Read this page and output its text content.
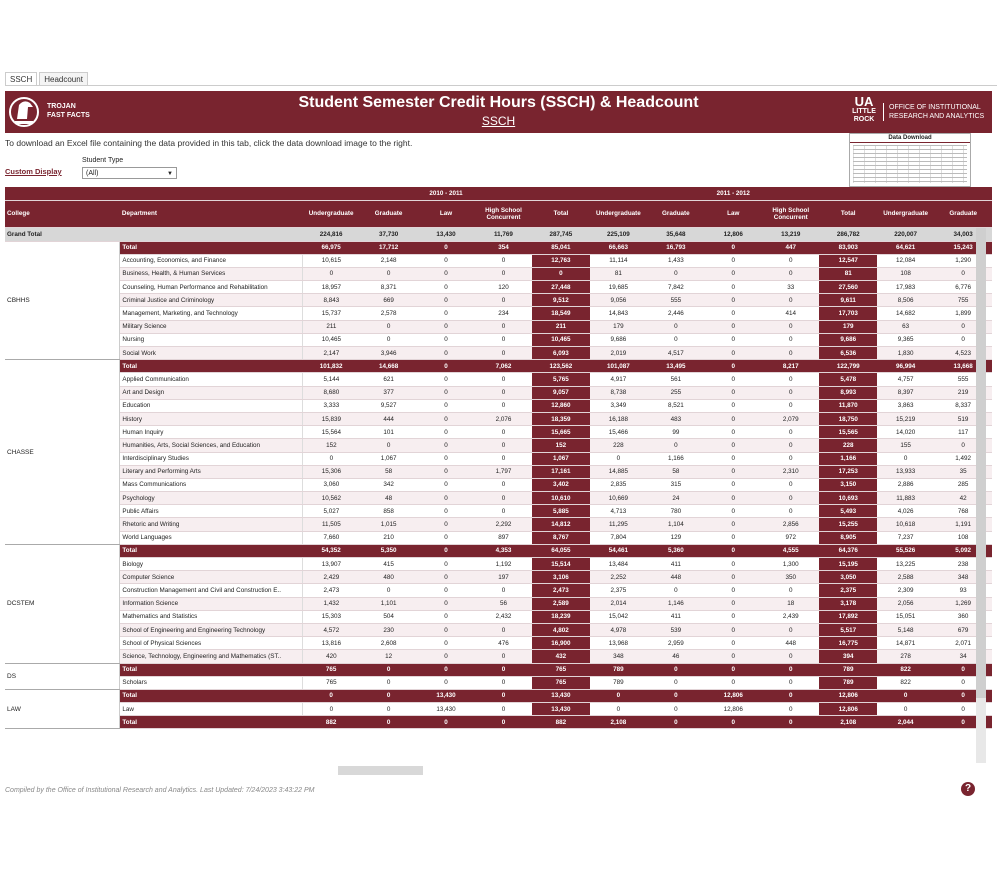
SSCH	Headcount
TROJAN
FAST FACTS
Student Semester Credit Hours (SSCH) & Headcount
SSCH
UA
LITTLE
ROCK
OFFICE OF INSTITUTIONAL
RESEARCH AND ANALYTICS
To download an Excel file containing the data provided in this tab, click the data download image to the right.
Custom Display
Student Type
(All)	▼
Data Download
		2010 - 2011					2011 - 2012						
College	Department	Undergraduate	Graduate	Law	High School Concurrent	Total	Undergraduate	Graduate	Law	High School Concurrent	Total	Undergraduate	Graduate
Grand Total		224,816	37,730	13,430	11,769	287,745	225,109	35,648	12,806	13,219	286,782	220,007	34,003
CBHHS	Total	66,975	17,712	0	354	85,041	66,663	16,793	0	447	83,903	64,621	15,243
	Accounting, Economics, and Finance	10,615	2,148	0	0	12,763	11,114	1,433	0	0	12,547	12,084	1,290
	Business, Health, & Human Services	0	0	0	0	0	81	0	0	0	81	108	0
	Counseling, Human Performance and Rehabilitation	18,957	8,371	0	120	27,448	19,685	7,842	0	33	27,560	17,983	6,776
	Criminal Justice and Criminology	8,843	669	0	0	9,512	9,056	555	0	0	9,611	8,506	755
	Management, Marketing, and Technology	15,737	2,578	0	234	18,549	14,843	2,446	0	414	17,703	14,682	1,899
	Military Science	211	0	0	0	211	179	0	0	0	179	63	0
	Nursing	10,465	0	0	0	10,465	9,686	0	0	0	9,686	9,365	0
	Social Work	2,147	3,946	0	0	6,093	2,019	4,517	0	0	6,536	1,830	4,523
CHASSE	Total	101,832	14,668	0	7,062	123,562	101,087	13,495	0	8,217	122,799	96,994	13,668
	Applied Communication	5,144	621	0	0	5,765	4,917	561	0	0	5,478	4,757	555
	Art and Design	8,680	377	0	0	9,057	8,738	255	0	0	8,993	8,397	219
	Education	3,333	9,527	0	0	12,860	3,349	8,521	0	0	11,870	3,863	8,337
	History	15,839	444	0	2,076	18,359	16,188	483	0	2,079	18,750	15,219	519
	Human Inquiry	15,564	101	0	0	15,665	15,466	99	0	0	15,565	14,020	117
	Humanities, Arts, Social Sciences, and Education	152	0	0	0	152	228	0	0	0	228	155	0
	Interdisciplinary Studies	0	1,067	0	0	1,067	0	1,166	0	0	1,166	0	1,492
	Literary and Performing Arts	15,306	58	0	1,797	17,161	14,885	58	0	2,310	17,253	13,933	35
	Mass Communications	3,060	342	0	0	3,402	2,835	315	0	0	3,150	2,886	285
	Psychology	10,562	48	0	0	10,610	10,669	24	0	0	10,693	11,883	42
	Public Affairs	5,027	858	0	0	5,885	4,713	780	0	0	5,493	4,026	768
	Rhetoric and Writing	11,505	1,015	0	2,292	14,812	11,295	1,104	0	2,856	15,255	10,618	1,191
	World Languages	7,660	210	0	897	8,767	7,804	129	0	972	8,905	7,237	108
DCSTEM	Total	54,352	5,350	0	4,353	64,055	54,461	5,360	0	4,555	64,376	55,526	5,092
	Biology	13,907	415	0	1,192	15,514	13,484	411	0	1,300	15,195	13,225	238
	Computer Science	2,429	480	0	197	3,106	2,252	448	0	350	3,050	2,588	348
	Construction Management and Civil and Construction E..	2,473	0	0	0	2,473	2,375	0	0	0	2,375	2,309	93
	Information Science	1,432	1,101	0	56	2,589	2,014	1,146	0	18	3,178	2,056	1,269
	Mathematics and Statistics	15,303	504	0	2,432	18,239	15,042	411	0	2,439	17,892	15,051	360
	School of Engineering and Engineering Technology	4,572	230	0	0	4,802	4,978	539	0	0	5,517	5,148	679
	School of Physical Sciences	13,816	2,608	0	476	16,900	13,968	2,959	0	448	16,775	14,871	2,071
	Science, Technology, Engineering and Mathematics (ST..	420	12	0	0	432	348	46	0	0	394	278	34
DS	Total	765	0	0	0	765	789	0	0	0	789	822	0
	Scholars	765	0	0	0	765	789	0	0	0	789	822	0
LAW	Total	0	0	13,430	0	13,430	0	0	12,806	0	12,806	0	0
	Law	0	0	13,430	0	13,430	0	0	12,806	0	12,806	0	0
	Total	882	0	0	0	882	2,108	0	0	0	2,108	2,044	0
Compiled by the Office of Institutional Research and Analytics. Last Updated: 7/24/2023 3:43:22 PM	?
